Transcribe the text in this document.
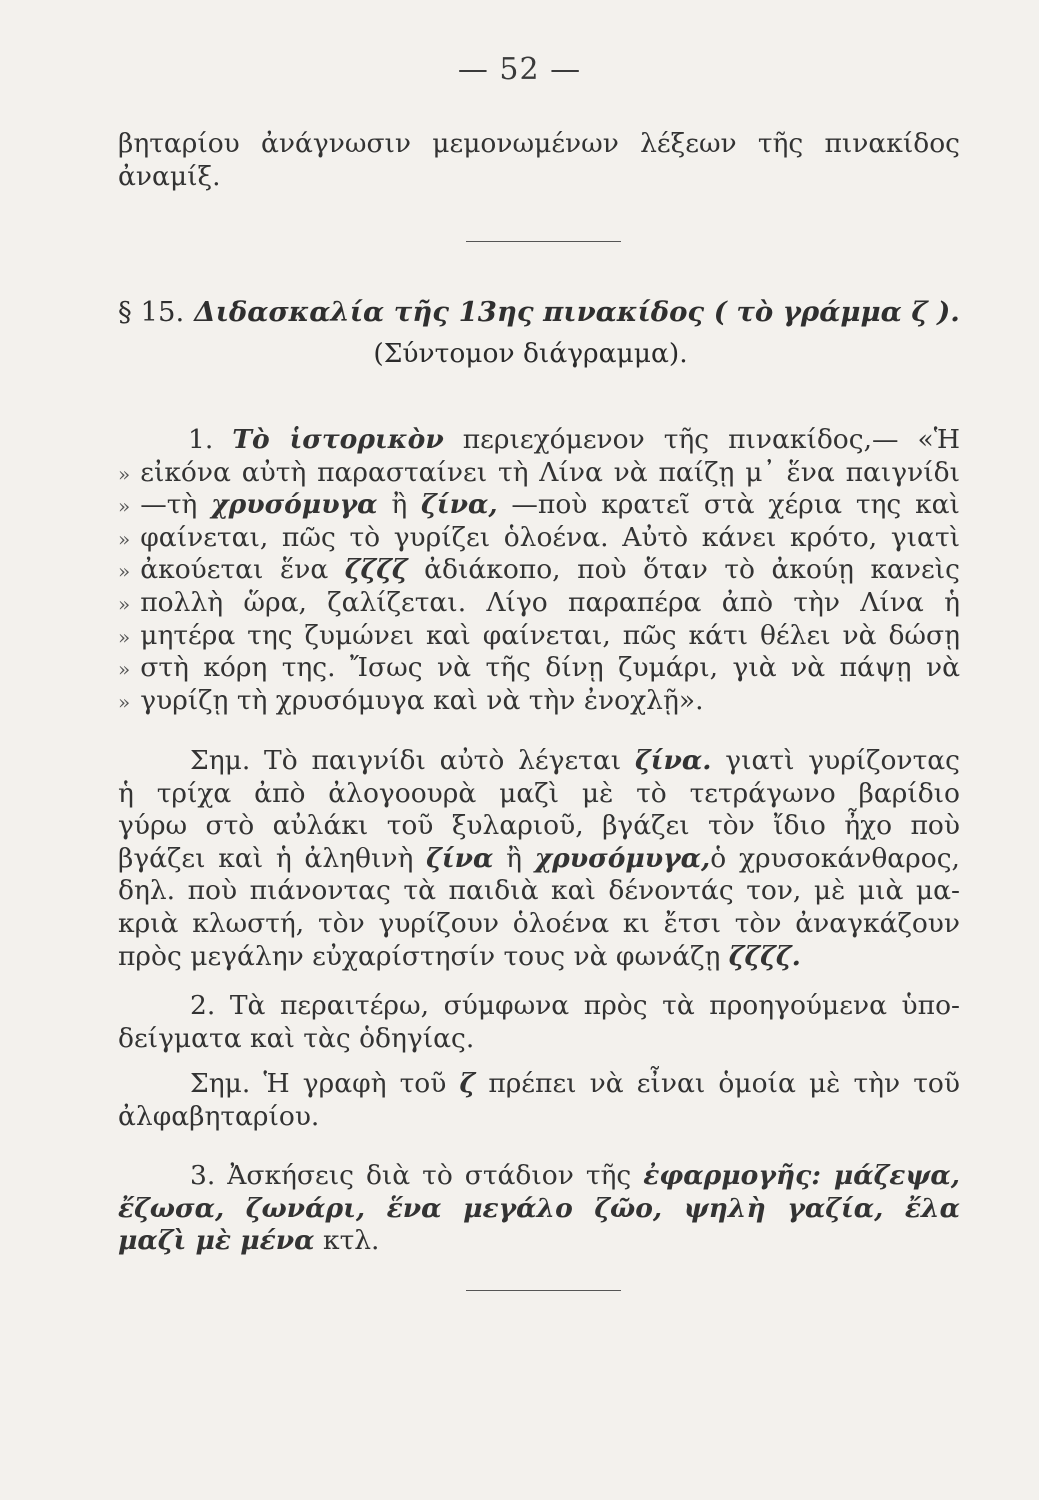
— 52 —
βηταρίου ἀνάγνωσιν μεμονωμένων λέξεων τῆς πινακίδος
ἀναμίξ.
§ 15. Διδασκαλία τῆς 13ης πινακίδος ( τὸ γράμμα ζ ).
(Σύντομον διάγραμμα).
1. Τὸ ἱστορικὸν περιεχόμενον τῆς πινακίδος,— «Ἡ
» εἰκόνα αὐτὴ παρασταίνει τὴ Λίνα νὰ παίζῃ μ᾿ ἕνα παιγνίδι
» —τὴ χρυσόμυγα ἢ ζίνα, —ποὺ κρατεῖ στὰ χέρια της καὶ
» φαίνεται, πῶς τὸ γυρίζει ὁλοένα. Αὐτὸ κάνει κρότο, γιατὶ
» ἀκούεται ἕνα ζζζζ ἀδιάκοπο, ποὺ ὅταν τὸ ἀκούῃ κανεὶς
» πολλὴ ὥρα, ζαλίζεται. Λίγο παραπέρα ἀπὸ τὴν Λίνα ἡ
» μητέρα της ζυμώνει καὶ φαίνεται, πῶς κάτι θέλει νὰ δώσῃ
» στὴ κόρη της. Ἴσως νὰ τῆς δίνῃ ζυμάρι, γιὰ νὰ πάψῃ νὰ
» γυρίζῃ τὴ χρυσόμυγα καὶ νὰ τὴν ἐνοχλῇ».
Σημ. Τὸ παιγνίδι αὐτὸ λέγεται ζίνα. γιατὶ γυρίζοντας
ἡ τρίχα ἀπὸ ἀλογοουρὰ μαζὶ μὲ τὸ τετράγωνο βαρίδιο
γύρω στὸ αὐλάκι τοῦ ξυλαριοῦ, βγάζει τὸν ἴδιο ἦχο ποὺ
βγάζει καὶ ἡ ἀληθινὴ ζίνα ἢ χρυσόμυγα,ὁ χρυσοκάνθαρος,
δηλ. ποὺ πιάνοντας τὰ παιδιὰ καὶ δένοντάς τον, μὲ μιὰ μα-
κριὰ κλωστή, τὸν γυρίζουν ὁλοένα κι ἔτσι τὸν ἀναγκάζουν
πρὸς μεγάλην εὐχαρίστησίν τους νὰ φωνάζῃ ζζζζ.
2. Τὰ περαιτέρω, σύμφωνα πρὸς τὰ προηγούμενα ὑπο-
δείγματα καὶ τὰς ὁδηγίας.
Σημ. Ἡ γραφὴ τοῦ ζ πρέπει νὰ εἶναι ὁμοία μὲ τὴν τοῦ
ἀλφαβηταρίου.
3. Ἀσκήσεις διὰ τὸ στάδιον τῆς ἐφαρμογῆς: μάζεψα,
ἔζωσα, ζωνάρι, ἕνα μεγάλο ζῶο, ψηλὴ γαζία, ἔλα
μαζὶ μὲ μένα κτλ.
